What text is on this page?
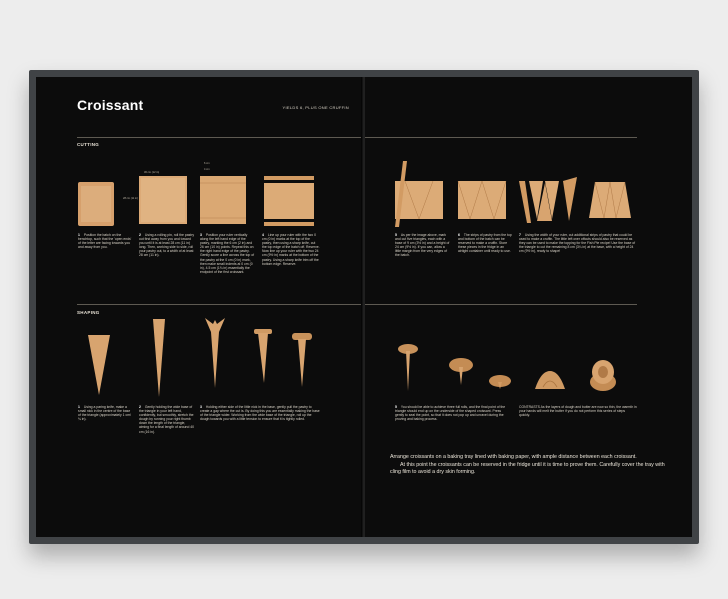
Croissant	YIELDS 6, PLUS ONE CRUFFIN
CUTTING
30 cm (12 in)
28 cm (11 in)
6 cm
4 cm
1 Position the batch on the benchtop, such that the 'open ends' of the letter are facing towards you and away from you.
2 Using a rolling pin, roll the pastry out first away from you and toward you until it is at least 28 cm (11 in) long. Then, working side to side, roll your pastry out, to a width of at least 28 cm (11 in).
3 Position your ruler vertically along the left hand edge of the pastry, marking the 6 cm (2 in) and 26 cm (10 in) points. Repeat this on the right hand edge of the pastry. Gently score a line across the top of the pastry at the 0 cm (0 in) mark, then make small indents at 0 cm (0 in), 4.5 cm (1¾ in) essentially the endpoint of the first croissant.
4 Line up your ruler with the two 0 cm (0 in) marks at the top of the pastry, then using a sharp knife, cut the top edge of the batch off. Reserve. Now line up your ruler with the two 24 cm (9½ in) marks at the bottom of the pastry. Using a sharp knife trim off the bottom edge. Reserve.
SHAPING
1 Using a paring knife, make a small nick in the centre of the base of the triangle (approximately 1 cm/ ¾ in).
2 Gently holding the wide base of the triangle in your left hand, confidently, but smoothly, stretch the dough by running your right thumb down the length of the triangle, aiming for a final length of around 40 cm (16 in).
3 Holding either side of the little nick in the base, gently pull the pastry to create a gap where the cut is. By doing this you are essentially making the base of the triangle wider. Working from the wide base of the triangle, roll up the dough towards you with a little tension to ensure that it is tightly rolled.
5 As per the image above, mark and cut five triangles, each with a base of 9 cm (3½ in) and a height of 24 cm (9½ in). If you can, allow a little margin from the very edges of the batch.
6 The strips of pastry from the top and bottom of the batch can be reserved to make a cruffin. Store these pieces in the fridge in an airtight container until ready to use.
7 Using the width of your ruler, cut additional strips of pastry that could be used to make a cruffin. The little left over offcuts should also be reserved as they can be used to make the topping for the Fish Pie recipe! Use the base of the triangle to cut the remaining 8 cm (3¼ in) at the base, with a height of 24 cm (9½ in), ready to shape!
5 You should be able to achieve three full rolls, and the final point of the triangle should end up on the underside of the shaped croissant. Press gently to seal the point, so that it does not pop up and unravel during the proving and baking process.
CONTRASTS As the layers of dough and butter are now so thin, the warmth in your hands will melt the butter if you do not perform this series of steps quickly.

Arrange croissants on a baking tray lined with baking paper, with ample distance between each croissant.

At this point the croissants can be reserved in the fridge until it is time to prove them. Carefully cover the tray with cling film to avoid a dry skin forming.
